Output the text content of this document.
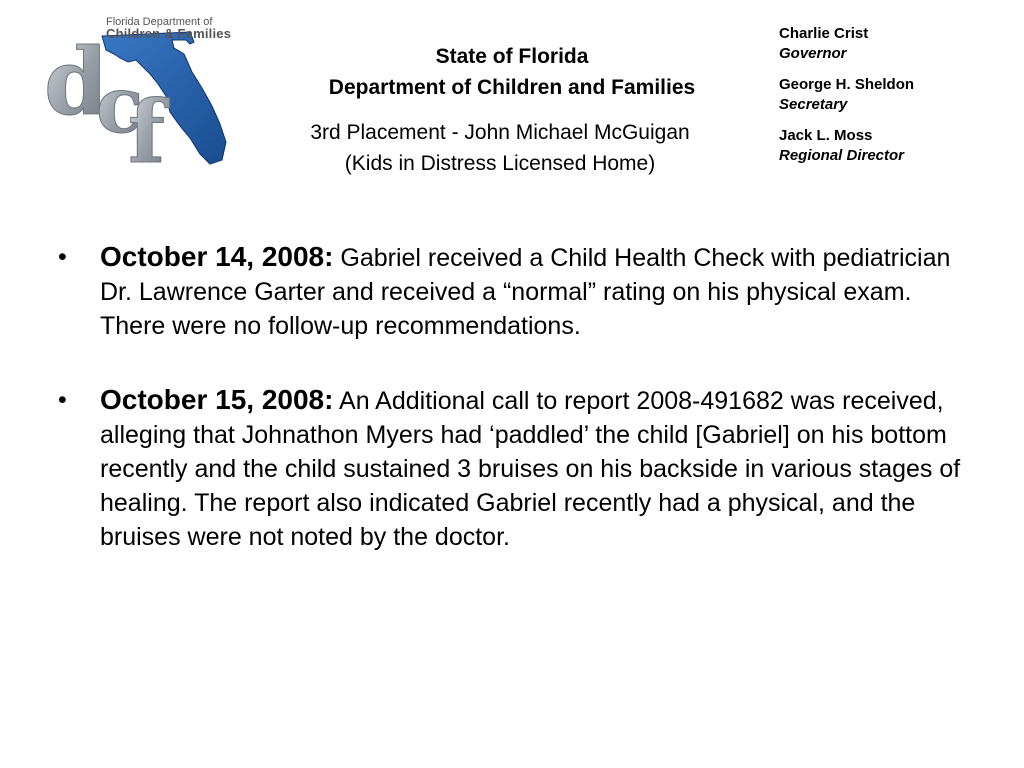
d
c
f
Florida Department of
Children & Families
State of Florida
Department of Children and Families
3rd Placement - John Michael McGuigan
(Kids in Distress Licensed Home)
Charlie Crist
Governor
George H. Sheldon
Secretary
Jack L. Moss
Regional Director
•	October 14, 2008: Gabriel received a Child Health Check with pediatrician Dr. Lawrence Garter and received a “normal” rating on his physical exam. There were no follow-up recommendations.
•	October 15, 2008: An Additional call to report 2008-491682 was received, alleging that Johnathon Myers had ‘paddled’ the child [Gabriel] on his bottom recently and the child sustained 3 bruises on his backside in various stages of healing. The report also indicated Gabriel recently had a physical, and the bruises were not noted by the doctor.
